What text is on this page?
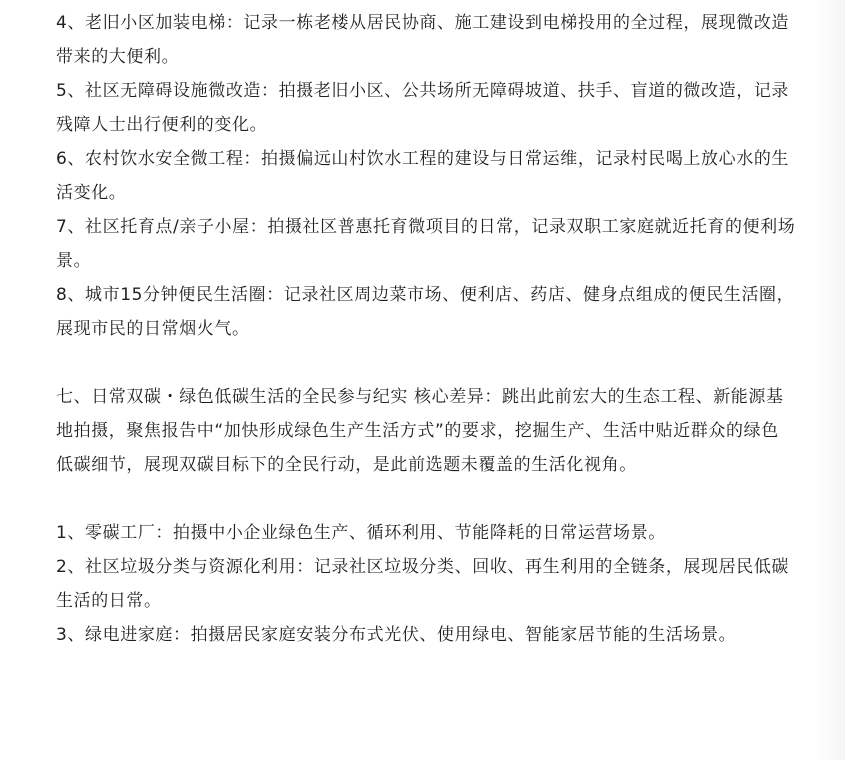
4、老旧小区加装电梯：记录一栋老楼从居民协商、施工建设到电梯投用的全过程，展现微改造带来的大便利。

5、社区无障碍设施微改造：拍摄老旧小区、公共场所无障碍坡道、扶手、盲道的微改造，记录残障人士出行便利的变化。

6、农村饮水安全微工程：拍摄偏远山村饮水工程的建设与日常运维，记录村民喝上放心水的生活变化。

7、社区托育点/亲子小屋：拍摄社区普惠托育微项目的日常，记录双职工家庭就近托育的便利场景。

8、城市15分钟便民生活圈：记录社区周边菜市场、便利店、药店、健身点组成的便民生活圈，展现市民的日常烟火气。

七、日常双碳・绿色低碳生活的全民参与纪实 核心差异：跳出此前宏大的生态工程、新能源基地拍摄，聚焦报告中“加快形成绿色生产生活方式”的要求，挖掘生产、生活中贴近群众的绿色低碳细节，展现双碳目标下的全民行动，是此前选题未覆盖的生活化视角。

1、零碳工厂：拍摄中小企业绿色生产、循环利用、节能降耗的日常运营场景。

2、社区垃圾分类与资源化利用：记录社区垃圾分类、回收、再生利用的全链条，展现居民低碳生活的日常。

3、绿电进家庭：拍摄居民家庭安装分布式光伏、使用绿电、智能家居节能的生活场景。
